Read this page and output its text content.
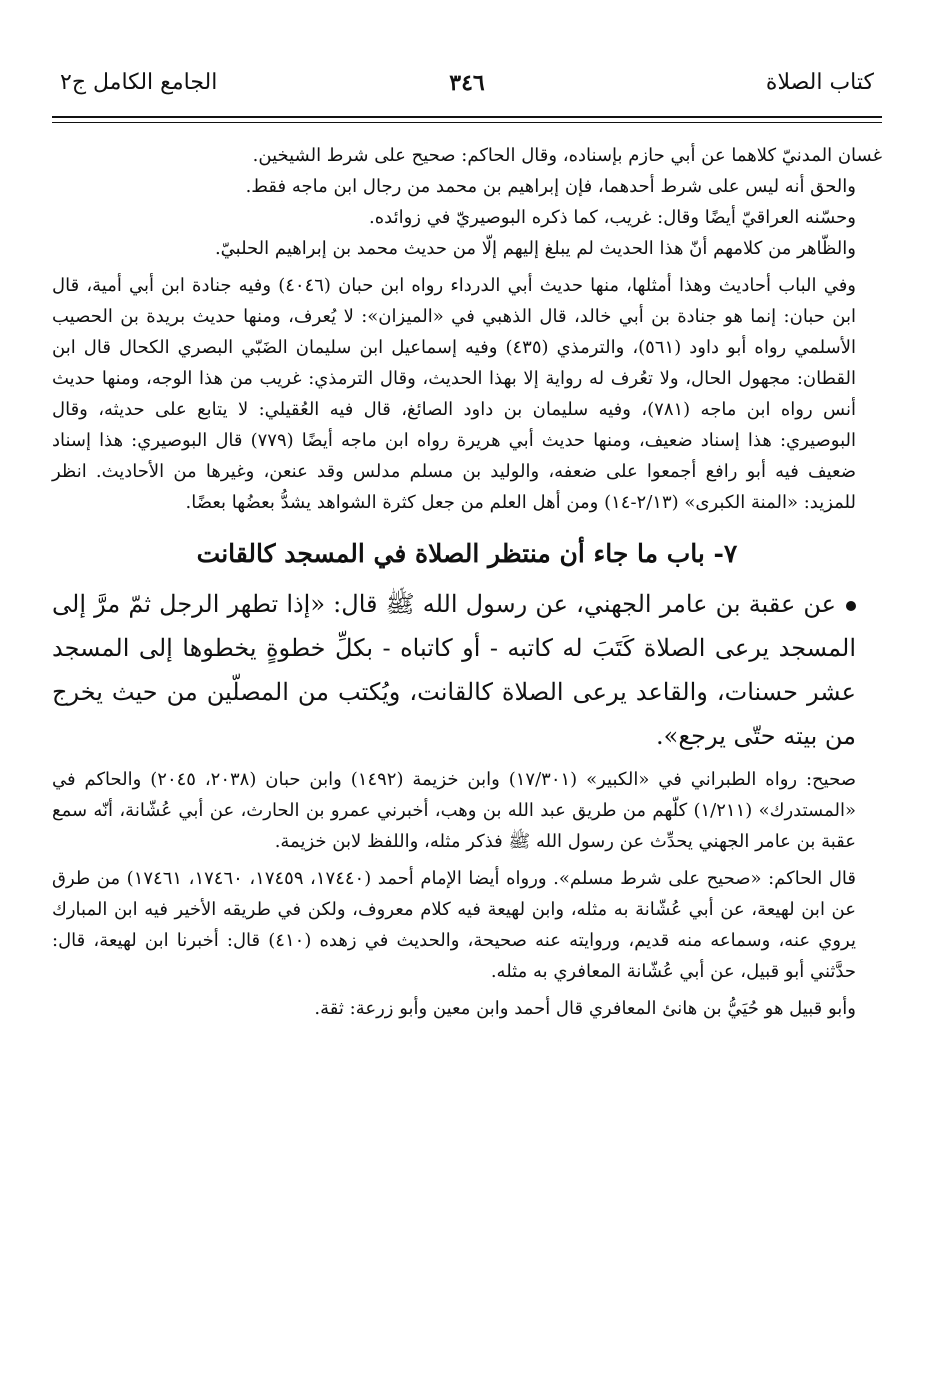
كتاب الصلاة
٣٤٦
الجامع الكامل ج٢

غسان المدنيّ كلاهما عن أبي حازم بإسناده، وقال الحاكم: صحيح على شرط الشيخين.

والحق أنه ليس على شرط أحدهما، فإن إبراهيم بن محمد من رجال ابن ماجه فقط.

وحسّنه العراقيّ أيضًا وقال: غريب، كما ذكره البوصيريّ في زوائده.

والظّاهر من كلامهم أنّ هذا الحديث لم يبلغ إليهم إلّا من حديث محمد بن إبراهيم الحلبيّ.

وفي الباب أحاديث وهذا أمثلها، منها حديث أبي الدرداء رواه ابن حبان (٤٠٤٦) وفيه جنادة ابن أبي أمية، قال ابن حبان: إنما هو جنادة بن أبي خالد، قال الذهبي في «الميزان»: لا يُعرف، ومنها حديث بريدة بن الحصيب الأسلمي رواه أبو داود (٥٦١)، والترمذي (٤٣٥) وفيه إسماعيل ابن سليمان الضَبّي البصري الكحال قال ابن القطان: مجهول الحال، ولا تعُرف له رواية إلا بهذا الحديث، وقال الترمذي: غريب من هذا الوجه، ومنها حديث أنس رواه ابن ماجه (٧٨١)، وفيه سليمان بن داود الصائغ، قال فيه العُقيلي: لا يتابع على حديثه، وقال البوصيري: هذا إسناد ضعيف، ومنها حديث أبي هريرة رواه ابن ماجه أيضًا (٧٧٩) قال البوصيري: هذا إسناد ضعيف فيه أبو رافع أجمعوا على ضعفه، والوليد بن مسلم مدلس وقد عنعن، وغيرها من الأحاديث. انظر للمزيد: «المنة الكبرى» (٢/١٣-١٤) ومن أهل العلم من جعل كثرة الشواهد يشدُّ بعضُها بعضًا.

٧- باب ما جاء أن منتظر الصلاة في المسجد كالقانت

عن عقبة بن عامر الجهني، عن رسول الله ﷺ قال: «إذا تطهر الرجل ثمّ مرَّ إلى المسجد يرعى الصلاة كَتَبَ له كاتبه - أو كاتباه - بكلِّ خطوةٍ يخطوها إلى المسجد عشر حسنات، والقاعد يرعى الصلاة كالقانت، ويُكتب من المصلّين من حيث يخرج من بيته حتّى يرجع».

صحيح: رواه الطبراني في «الكبير» (١٧/٣٠١) وابن خزيمة (١٤٩٢) وابن حبان (٢٠٣٨، ٢٠٤٥) والحاكم في «المستدرك» (١/٢١١) كلّهم من طريق عبد الله بن وهب، أخبرني عمرو بن الحارث، عن أبي عُشّانة، أنّه سمع عقبة بن عامر الجهني يحدِّث عن رسول الله ﷺ فذكر مثله، واللفظ لابن خزيمة.

قال الحاكم: «صحيح على شرط مسلم». ورواه أيضا الإمام أحمد (١٧٤٤٠، ١٧٤٥٩، ١٧٤٦٠، ١٧٤٦١) من طرق عن ابن لهيعة، عن أبي عُشّانة به مثله، وابن لهيعة فيه كلام معروف، ولكن في طريقه الأخير فيه ابن المبارك يروي عنه، وسماعه منه قديم، وروايته عنه صحيحة، والحديث في زهده (٤١٠) قال: أخبرنا ابن لهيعة، قال: حدَّثني أبو قبيل، عن أبي عُشّانة المعافري به مثله.

وأبو قبيل هو حُيَيُّ بن هانئ المعافري قال أحمد وابن معين وأبو زرعة: ثقة.
